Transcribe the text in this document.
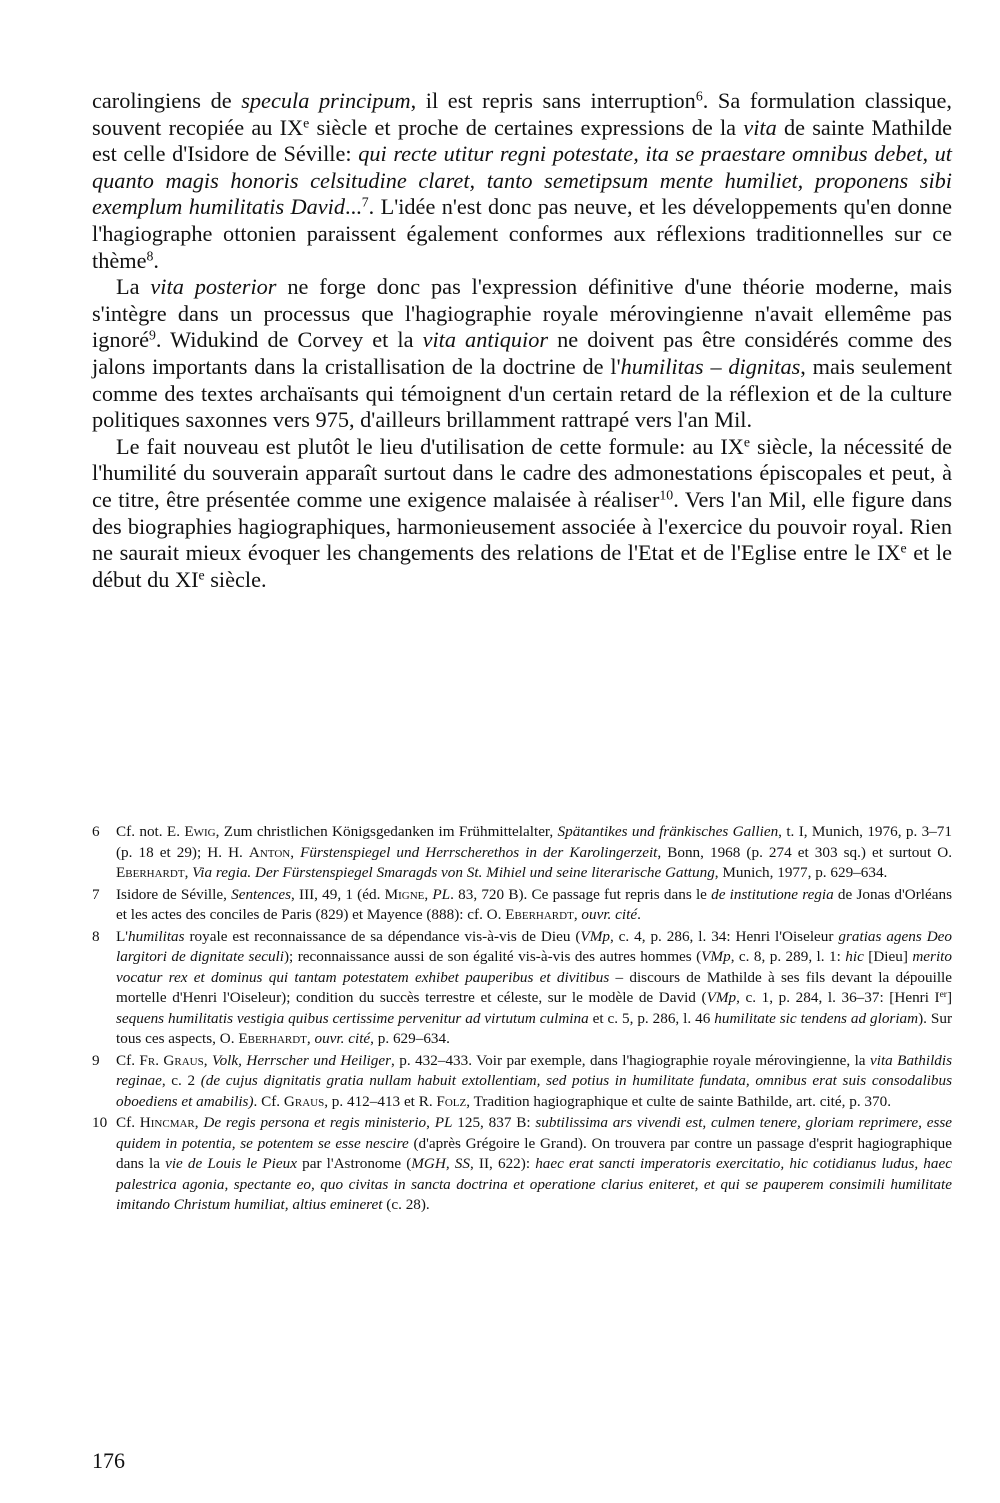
carolingiens de specula principum, il est repris sans interruption$^6$. Sa formulation classique, souvent recopiée au IXe siècle et proche de certaines expressions de la vita de sainte Mathilde est celle d'Isidore de Séville: qui recte utitur regni potestate, ita se praestare omnibus debet, ut quanto magis honoris celsitudine claret, tanto semetipsum mente humiliet, proponens sibi exemplum humilitatis David...$^7$. L'idée n'est donc pas neuve, et les développements qu'en donne l'hagiographe ottonien paraissent également conformes aux réflexions traditionnelles sur ce thème$^8$.

La vita posterior ne forge donc pas l'expression définitive d'une théorie moderne, mais s'intègre dans un processus que l'hagiographie royale mérovingienne n'avait ellemême pas ignoré$^9$. Widukind de Corvey et la vita antiquior ne doivent pas être considérés comme des jalons importants dans la cristallisation de la doctrine de l'humilitas – dignitas, mais seulement comme des textes archaïsants qui témoignent d'un certain retard de la réflexion et de la culture politiques saxonnes vers 975, d'ailleurs brillamment rattrapé vers l'an Mil.

Le fait nouveau est plutôt le lieu d'utilisation de cette formule: au IXe siècle, la nécessité de l'humilité du souverain apparaît surtout dans le cadre des admonestations épiscopales et peut, à ce titre, être présentée comme une exigence malaisée à réaliser$^{10}$. Vers l'an Mil, elle figure dans des biographies hagiographiques, harmonieusement associée à l'exercice du pouvoir royal. Rien ne saurait mieux évoquer les changements des relations de l'Etat et de l'Eglise entre le IXe et le début du XIe siècle.

6	Cf. not. E. Ewig, Zum christlichen Königsgedanken im Frühmittelalter, Spätantikes und fränkisches Gallien, t. I, Munich, 1976, p. 3–71 (p. 18 et 29); H. H. Anton, Fürstenspiegel und Herrscherethos in der Karolingerzeit, Bonn, 1968 (p. 274 et 303 sq.) et surtout O. Eberhardt, Via regia. Der Fürstenspiegel Smaragds von St. Mihiel und seine literarische Gattung, Munich, 1977, p. 629–634.
7	Isidore de Séville, Sentences, III, 49, 1 (éd. Migne, PL. 83, 720 B). Ce passage fut repris dans le de institutione regia de Jonas d'Orléans et les actes des conciles de Paris (829) et Mayence (888): cf. O. Eberhardt, ouvr. cité.
8	L'humilitas royale est reconnaissance de sa dépendance vis-à-vis de Dieu (VMp, c. 4, p. 286, l. 34: Henri l'Oiseleur gratias agens Deo largitori de dignitate seculi); reconnaissance aussi de son égalité vis-à-vis des autres hommes (VMp, c. 8, p. 289, l. 1: hic [Dieu] merito vocatur rex et dominus qui tantam potestatem exhibet pauperibus et divitibus – discours de Mathilde à ses fils devant la dépouille mortelle d'Henri l'Oiseleur); condition du succès terrestre et céleste, sur le modèle de David (VMp, c. 1, p. 284, l. 36–37: [Henri Ier] sequens humilitatis vestigia quibus certissime pervenitur ad virtutum culmina et c. 5, p. 286, l. 46 humilitate sic tendens ad gloriam). Sur tous ces aspects, O. Eberhardt, ouvr. cité, p. 629–634.
9	Cf. Fr. Graus, Volk, Herrscher und Heiliger, p. 432–433. Voir par exemple, dans l'hagiographie royale mérovingienne, la vita Bathildis reginae, c. 2 (de cujus dignitatis gratia nullam habuit extollentiam, sed potius in humilitate fundata, omnibus erat suis consodalibus oboediens et amabilis). Cf. Graus, p. 412–413 et R. Folz, Tradition hagiographique et culte de sainte Bathilde, art. cité, p. 370.
10 Cf. Hincmar, De regis persona et regis ministerio, PL 125, 837 B: subtilissima ars vivendi est, culmen tenere, gloriam reprimere, esse quidem in potentia, se potentem se esse nescire (d'après Grégoire le Grand). On trouvera par contre un passage d'esprit hagiographique dans la vie de Louis le Pieux par l'Astronome (MGH, SS, II, 622): haec erat sancti imperatoris exercitatio, hic cotidianus ludus, haec palestrica agonia, spectante eo, quo civitas in sancta doctrina et operatione clarius eniteret, et qui se pauperem consimili humilitate imitando Christum humiliat, altius emineret (c. 28).
176
